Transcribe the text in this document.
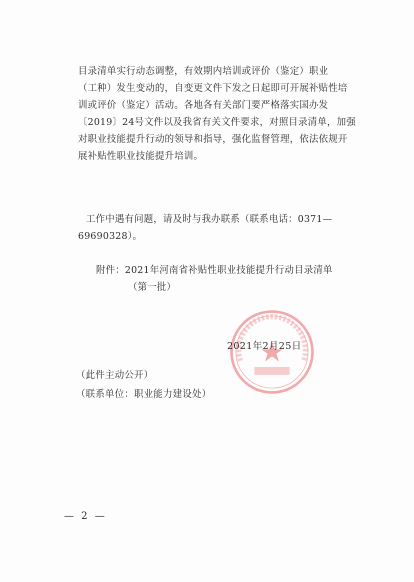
目录清单实行动态调整，有效期内培训或评价（鉴定）职业
（工种）发生变动的，自变更文件下发之日起即可开展补贴性培
训或评价（鉴定）活动。各地各有关部门要严格落实国办发
〔2019〕24号文件以及我省有关文件要求，对照目录清单，加强
对职业技能提升行动的领导和指导，强化监督管理，依法依规开
展补贴性职业技能提升培训。
工作中遇有问题，请及时与我办联系（联系电话：0371—
69690328）。
附件：2021年河南省补贴性职业技能提升行动目录清单
（第一批）
2021年2月25日
（此件主动公开）
（联系单位：职业能力建设处）
— 2 —
